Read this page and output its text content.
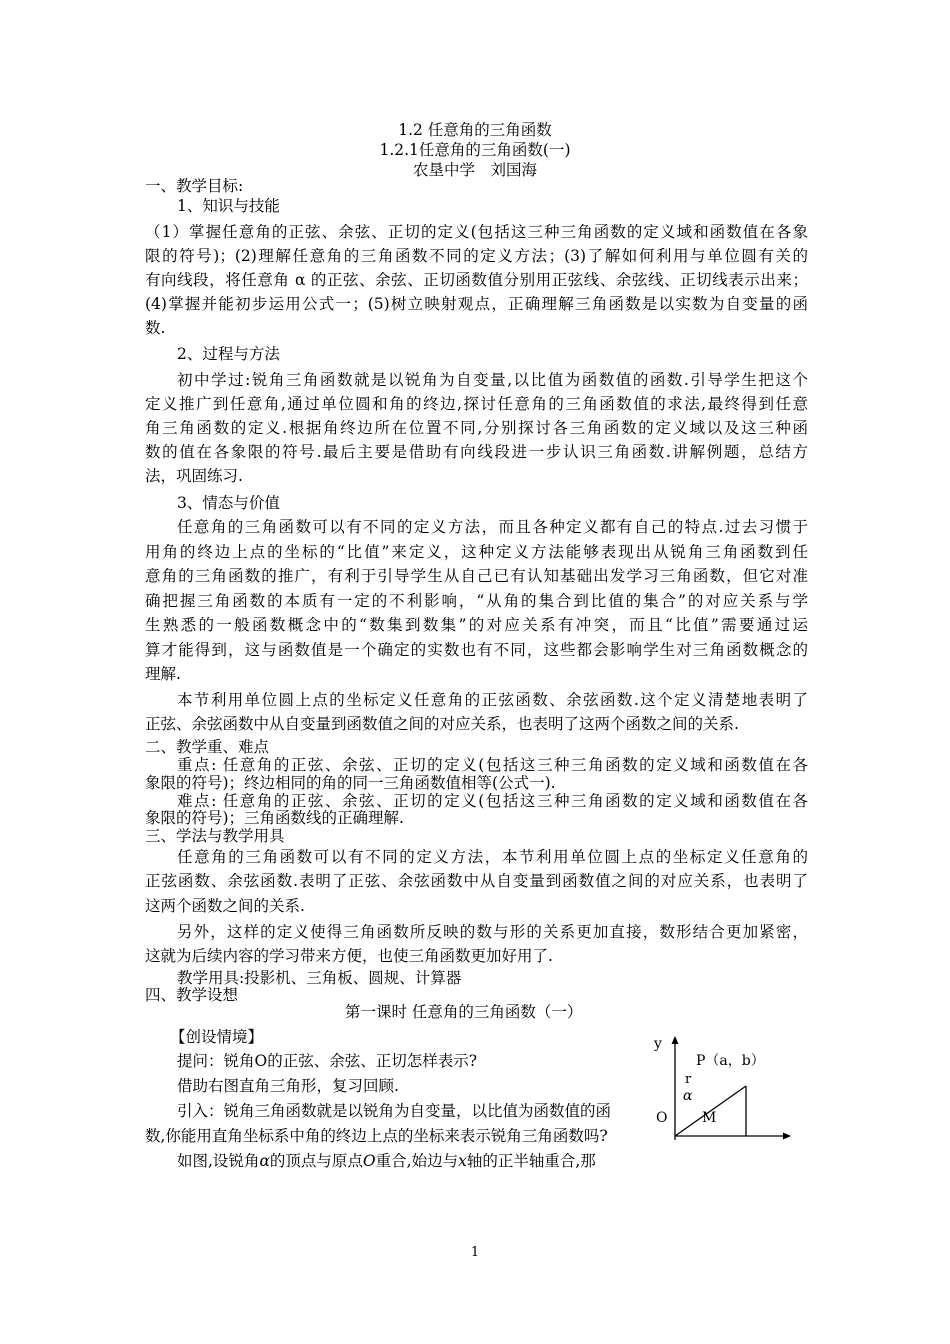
1.2 任意角的三角函数
1.2.1任意角的三角函数(一)
农垦中学　刘国海
一、教学目标:
1、知识与技能
（1）掌握任意角的正弦、余弦、正切的定义(包括这三种三角函数的定义域和函数值在各象
限的符号)；(2)理解任意角的三角函数不同的定义方法；(3)了解如何利用与单位圆有关的
有向线段，将任意角 α 的正弦、余弦、正切函数值分别用正弦线、余弦线、正切线表示出来；
(4)掌握并能初步运用公式一；(5)树立映射观点，正确理解三角函数是以实数为自变量的函
数.
2、过程与方法
初中学过:锐角三角函数就是以锐角为自变量,以比值为函数值的函数.引导学生把这个
定义推广到任意角,通过单位圆和角的终边,探讨任意角的三角函数值的求法,最终得到任意
角三角函数的定义.根据角终边所在位置不同,分别探讨各三角函数的定义域以及这三种函
数的值在各象限的符号.最后主要是借助有向线段进一步认识三角函数.讲解例题，总结方
法，巩固练习.
3、情态与价值
任意角的三角函数可以有不同的定义方法，而且各种定义都有自己的特点.过去习惯于
用角的终边上点的坐标的“比值”来定义，这种定义方法能够表现出从锐角三角函数到任
意角的三角函数的推广，有利于引导学生从自己已有认知基础出发学习三角函数，但它对准
确把握三角函数的本质有一定的不利影响，“从角的集合到比值的集合”的对应关系与学
生熟悉的一般函数概念中的“数集到数集”的对应关系有冲突，而且“比值”需要通过运
算才能得到，这与函数值是一个确定的实数也有不同，这些都会影响学生对三角函数概念的
理解.
本节利用单位圆上点的坐标定义任意角的正弦函数、余弦函数.这个定义清楚地表明了
正弦、余弦函数中从自变量到函数值之间的对应关系，也表明了这两个函数之间的关系.
二、教学重、难点
重点: 任意角的正弦、余弦、正切的定义(包括这三种三角函数的定义域和函数值在各
象限的符号)；终边相同的角的同一三角函数值相等(公式一).
难点: 任意角的正弦、余弦、正切的定义(包括这三种三角函数的定义域和函数值在各
象限的符号)；三角函数线的正确理解.
三、学法与教学用具
任意角的三角函数可以有不同的定义方法，本节利用单位圆上点的坐标定义任意角的
正弦函数、余弦函数.表明了正弦、余弦函数中从自变量到函数值之间的对应关系，也表明了
这两个函数之间的关系.
另外，这样的定义使得三角函数所反映的数与形的关系更加直接，数形结合更加紧密，
这就为后续内容的学习带来方便，也使三角函数更加好用了.
教学用具:投影机、三角板、圆规、计算器
四、教学设想
第一课时 任意角的三角函数（一）
【创设情境】
提问：锐角O的正弦、余弦、正切怎样表示?
借助右图直角三角形，复习回顾.
引入：锐角三角函数就是以锐角为自变量，以比值为函数值的函
数,你能用直角坐标系中角的终边上点的坐标来表示锐角三角函数吗?
如图,设锐角α的顶点与原点O重合,始边与x轴的正半轴重合,那
y
P（a，b）
r
α
O M
1
